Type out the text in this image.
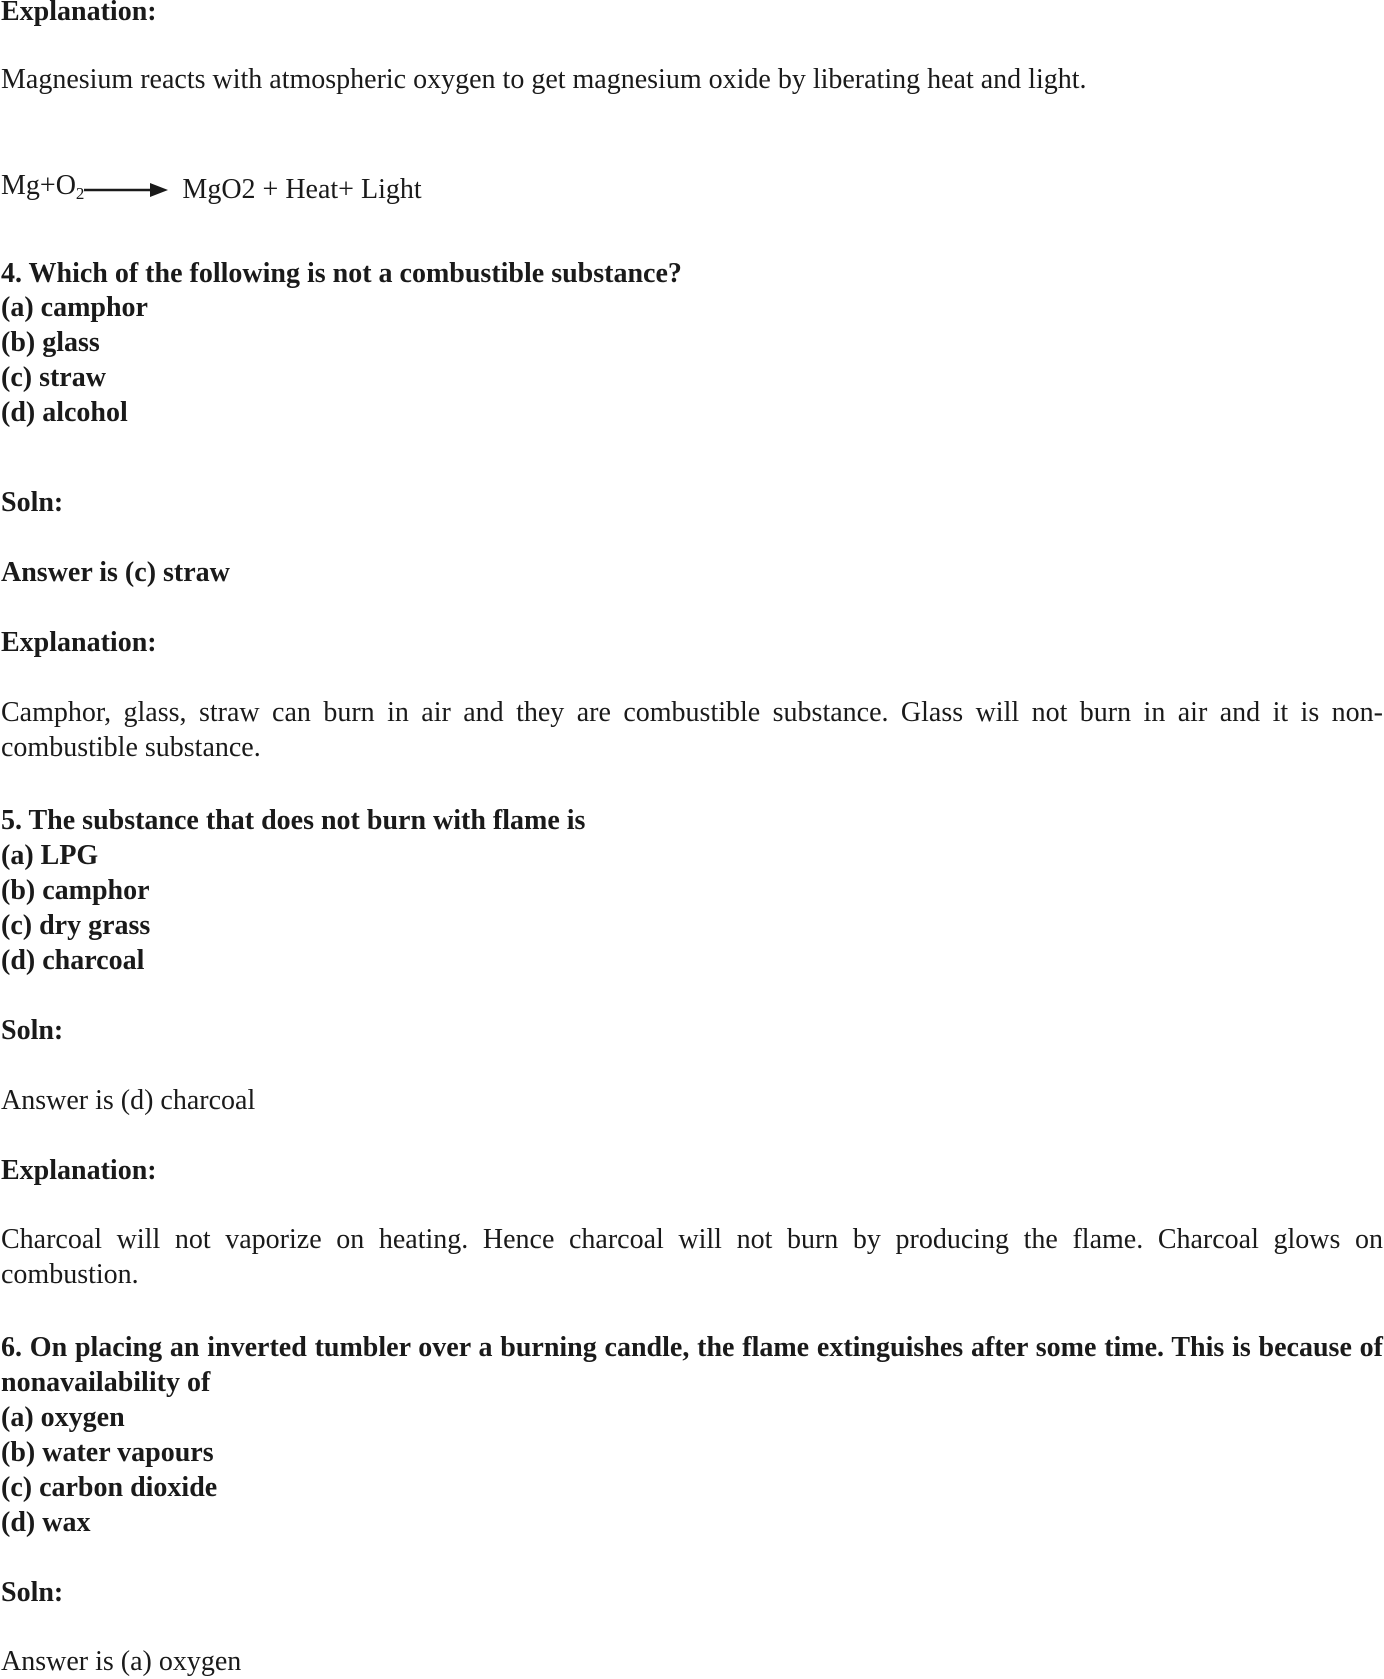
Explanation:
Magnesium reacts with atmospheric oxygen to get magnesium oxide by liberating heat and light.
$Mg+O_2 \to MgO2$ + Heat+ Light
4. Which of the following is not a combustible substance?
(a) camphor
(b) glass
(c) straw
(d) alcohol
Soln:
Answer is (c) straw
Explanation:
Camphor, glass, straw can burn in air and they are combustible substance. Glass will not burn in air and it is non-combustible substance.
5. The substance that does not burn with flame is
(a) LPG
(b) camphor
(c) dry grass
(d) charcoal
Soln:
Answer is (d) charcoal
Explanation:
Charcoal will not vaporize on heating. Hence charcoal will not burn by producing the flame. Charcoal glows on combustion.
6. On placing an inverted tumbler over a burning candle, the flame extinguishes after some time. This is because of nonavailability of
(a) oxygen
(b) water vapours
(c) carbon dioxide
(d) wax
Soln:
Answer is (a) oxygen
